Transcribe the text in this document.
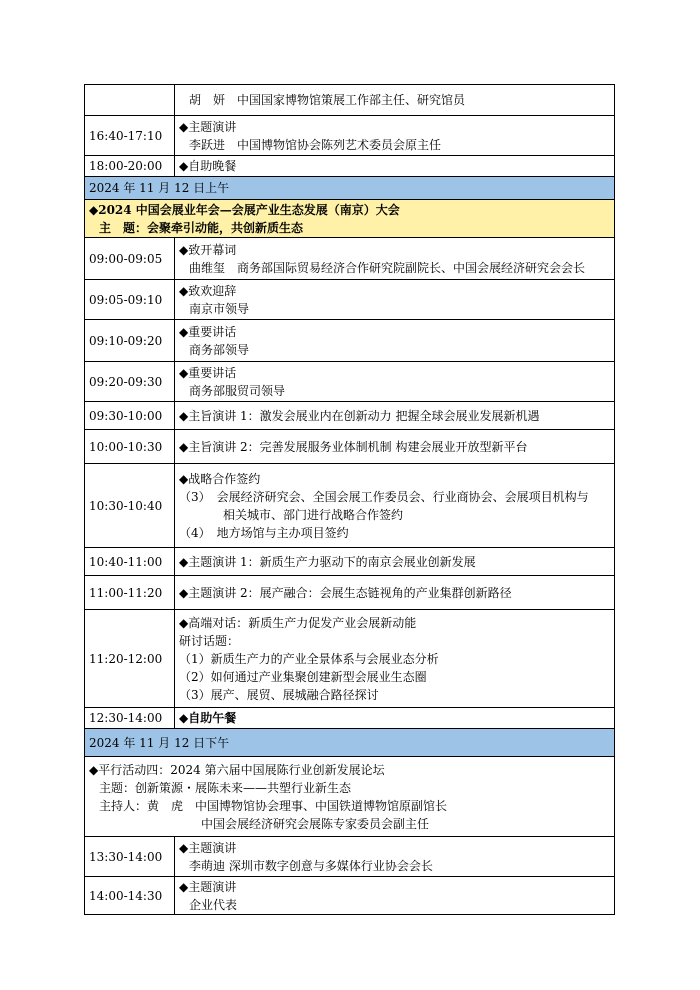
	胡　妍　中国国家博物馆策展工作部主任、研究馆员

16:40-17:10	◆主题演讲
李跃进　中国博物馆协会陈列艺术委员会原主任

18:00-20:00	◆自助晚餐

2024 年 11 月 12 日上午	

◆2024 中国会展业年会—会展产业生态发展（南京）大会
主　题：会聚牵引动能，共创新质生态	

09:00-09:05	◆致开幕词
曲维玺　商务部国际贸易经济合作研究院副院长、中国会展经济研究会会长

09:05-09:10	◆致欢迎辞
南京市领导

09:10-09:20	◆重要讲话
商务部领导

09:20-09:30	◆重要讲话
商务部服贸司领导

09:30-10:00	◆主旨演讲 1：激发会展业内在创新动力 把握全球会展业发展新机遇

10:00-10:30	◆主旨演讲 2：完善发展服务业体制机制 构建会展业开放型新平台

10:30-10:40	◆战略合作签约
（3）　会展经济研究会、全国会展工作委员会、行业商协会、会展项目机构与
相关城市、部门进行战略合作签约
（4）　地方场馆与主办项目签约

10:40-11:00	◆主题演讲 1：新质生产力驱动下的南京会展业创新发展

11:00-11:20	◆主题演讲 2：展产融合：会展生态链视角的产业集群创新路径

11:20-12:00	◆高端对话：新质生产力促发产业会展新动能
研讨话题：
（1）新质生产力的产业全景体系与会展业态分析
（2）如何通过产业集聚创建新型会展业生态圈
（3）展产、展贸、展城融合路径探讨

12:30-14:00	◆自助午餐

2024 年 11 月 12 日下午	

◆平行活动四：2024 第六届中国展陈行业创新发展论坛
主题：创新策源・展陈未来——共塑行业新生态
主持人：黄　虎　中国博物馆协会理事、中国铁道博物馆原副馆长
中国会展经济研究会展陈专家委员会副主任	

13:30-14:00	◆主题演讲
李萌迪 深圳市数字创意与多媒体行业协会会长

14:00-14:30	◆主题演讲
企业代表
